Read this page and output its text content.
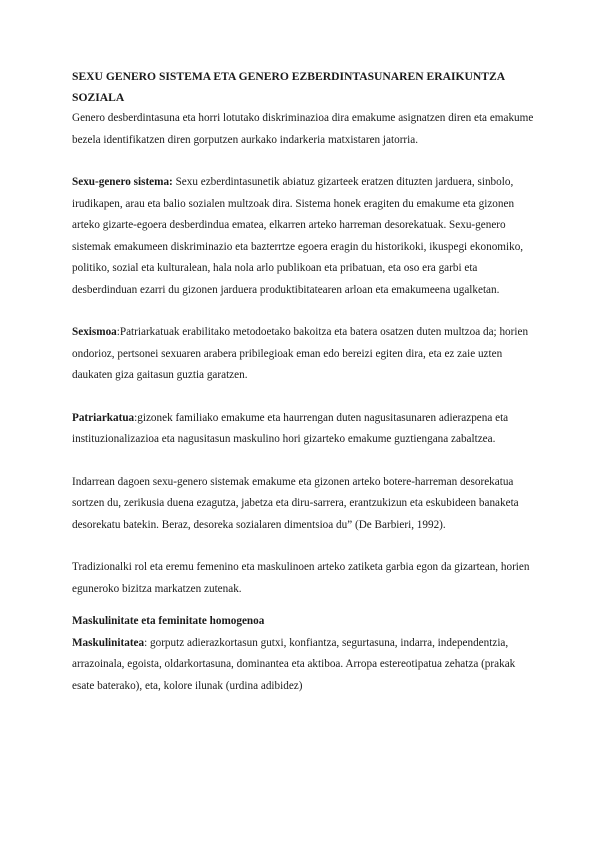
SEXU GENERO SISTEMA ETA GENERO EZBERDINTASUNAREN ERAIKUNTZA SOZIALA

Genero desberdintasuna eta horri lotutako diskriminazioa dira emakume asignatzen diren eta emakume bezela identifikatzen diren gorputzen aurkako indarkeria matxistaren jatorria.

Sexu-genero sistema: Sexu ezberdintasunetik abiatuz gizarteek eratzen dituzten jarduera, sinbolo, irudikapen, arau eta balio sozialen multzoak dira. Sistema honek eragiten du emakume eta gizonen arteko gizarte-egoera desberdindua ematea, elkarren arteko harreman desorekatuak. Sexu-genero sistemak emakumeen diskriminazio eta bazterrtze egoera eragin du historikoki, ikuspegi ekonomiko, politiko, sozial eta kulturalean, hala nola arlo publikoan eta pribatuan, eta oso era garbi eta desberdinduan ezarri du gizonen jarduera produktibitatearen arloan eta emakumeena ugalketan.

Sexismoa:Patriarkatuak erabilitako metodoetako bakoitza eta batera osatzen duten multzoa da; horien ondorioz, pertsonei sexuaren arabera pribilegioak eman edo bereizi egiten dira, eta ez zaie uzten daukaten giza gaitasun guztia garatzen.

Patriarkatua:gizonek familiako emakume eta haurrengan duten nagusitasunaren adierazpena eta instituzionalizazioa eta nagusitasun maskulino hori gizarteko emakume guztiengana zabaltzea.

Indarrean dagoen sexu-genero sistemak emakume eta gizonen arteko botere-harreman desorekatua sortzen du, zerikusia duena ezagutza, jabetza eta diru-sarrera, erantzukizun eta eskubideen banaketa desorekatu batekin. Beraz, desoreka sozialaren dimentsioa du” (De Barbieri, 1992).

Tradizionalki rol eta eremu femenino eta maskulinoen arteko zatiketa garbia egon da gizartean, horien eguneroko bizitza markatzen zutenak.

Maskulinitate eta feminitate homogenoa

Maskulinitatea: gorputz adierazkortasun gutxi, konfiantza, segurtasuna, indarra, independentzia, arrazoinala, egoista, oldarkortasuna, dominantea eta aktiboa. Arropa estereotipatua zehatza (prakak esate baterako), eta, kolore ilunak (urdina adibidez)
